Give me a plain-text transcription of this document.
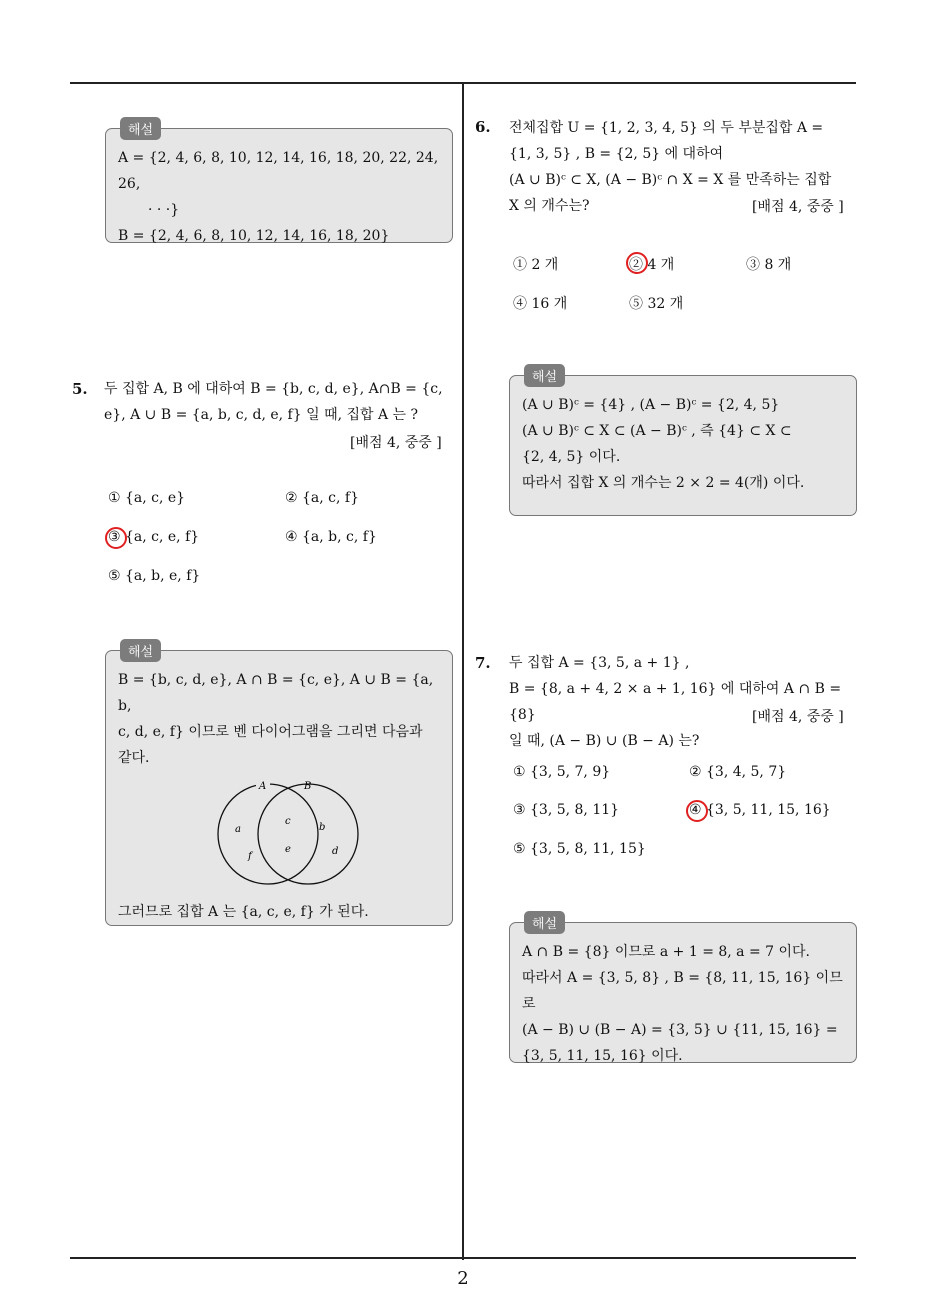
A = {2, 4, 6, 8, 10, 12, 14, 16, 18, 20, 22, 24, 26,
· · ·}
B = {2, 4, 6, 8, 10, 12, 14, 16, 18, 20}
해설
5. 두 집합 A, B 에 대하여 B = {b, c, d, e}, A∩B = {c,
e}, A ∪ B = {a, b, c, d, e, f} 일 때, 집합 A 는 ?
[배점 4, 중중 ]
① {a, c, e}	② {a, c, f}
③ {a, c, e, f}	④ {a, b, c, f}
⑤ {a, b, e, f}
B = {b, c, d, e}, A ∩ B = {c, e}, A ∪ B = {a, b,
c, d, e, f} 이므로 벤 다이어그램을 그리면 다음과
같다.
A	B
a
f
c
e
b
d
그러므로 집합 A 는 {a, c, e, f} 가 된다.
해설
6. 전체집합 U = {1, 2, 3, 4, 5} 의 두 부분집합 A =
{1, 3, 5} , B = {2, 5} 에 대하여
(A ∪ B)ᶜ ⊂ X, (A − B)ᶜ ∩ X = X 를 만족하는 집합
X 의 개수는?	[배점 4, 중중 ]
① 2 개	② 4 개	③ 8 개
④ 16 개	⑤ 32 개
(A ∪ B)ᶜ = {4} , (A − B)ᶜ = {2, 4, 5}
(A ∪ B)ᶜ ⊂ X ⊂ (A − B)ᶜ , 즉 {4} ⊂ X ⊂
{2, 4, 5} 이다.
따라서 집합 X 의 개수는 2 × 2 = 4(개) 이다.
해설
7. 두 집합 A = {3, 5, a + 1} ,
B = {8, a + 4, 2 × a + 1, 16} 에 대하여 A ∩ B = {8}
일 때, (A − B) ∪ (B − A) 는?
[배점 4, 중중 ]
① {3, 5, 7, 9}	② {3, 4, 5, 7}
③ {3, 5, 8, 11}	④ {3, 5, 11, 15, 16}
⑤ {3, 5, 8, 11, 15}
A ∩ B = {8} 이므로 a + 1 = 8, a = 7 이다.
따라서 A = {3, 5, 8} , B = {8, 11, 15, 16} 이므로
(A − B) ∪ (B − A) = {3, 5} ∪ {11, 15, 16} =
{3, 5, 11, 15, 16} 이다.
해설
2
